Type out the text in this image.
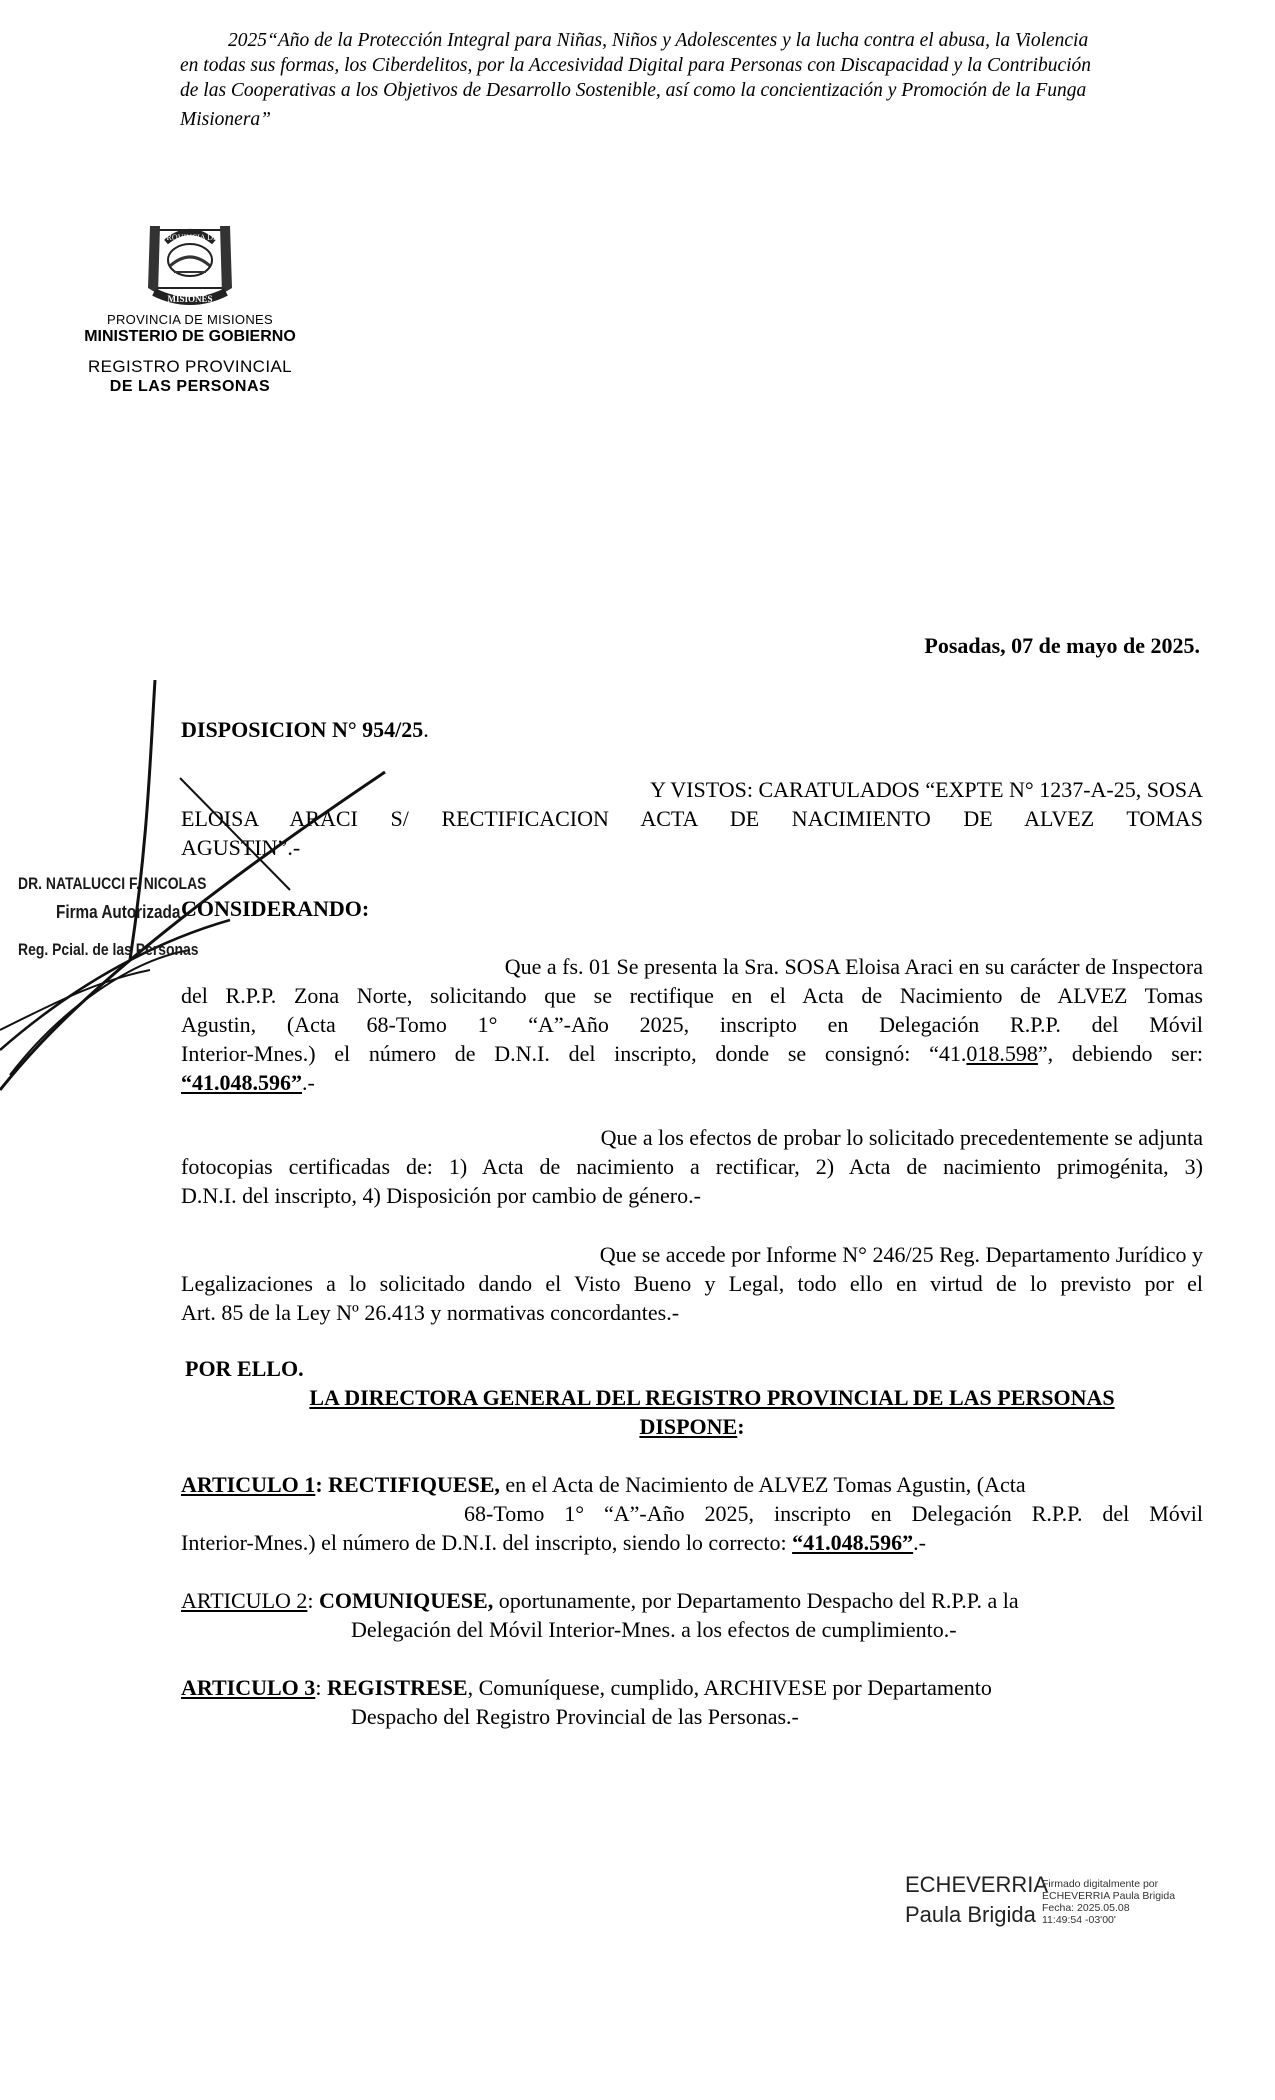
2025“Año de la Protección Integral para Niñas, Niños y Adolescentes y la lucha contra el abusa, la Violencia
en todas sus formas, los Ciberdelitos, por la Accesividad Digital para Personas con Discapacidad y la Contribución
de las Cooperativas a los Objetivos de Desarrollo Sostenible, así como la concientización y Promoción de la Funga
Misionera”
PROVINCIA DE
MISIONES
PROVINCIA DE MISIONES
MINISTERIO DE GOBIERNO
REGISTRO PROVINCIAL
DE LAS PERSONAS
Posadas, 07 de mayo de 2025.
DISPOSICION N° 954/25.
Y VISTOS: CARATULADOS “EXPTE N° 1237-A-25, SOSA
ELOISA ARACI S/ RECTIFICACION ACTA DE NACIMIENTO DE ALVEZ TOMAS
AGUSTIN”.-
CONSIDERANDO:
Que a fs. 01 Se presenta la Sra. SOSA Eloisa Araci en su carácter de Inspectora
del R.P.P. Zona Norte, solicitando que se rectifique en el Acta de Nacimiento de ALVEZ Tomas
Agustin, (Acta 68-Tomo 1° “A”-Año 2025, inscripto en Delegación R.P.P. del Móvil
Interior-Mnes.) el número de D.N.I. del inscripto, donde se consignó: “41.018.598”, debiendo ser:
“41.048.596”.-
Que a los efectos de probar lo solicitado precedentemente se adjunta
fotocopias certificadas de: 1) Acta de nacimiento a rectificar, 2) Acta de nacimiento primogénita, 3)
D.N.I. del inscripto, 4) Disposición por cambio de género.-
Que se accede por Informe N° 246/25 Reg. Departamento Jurídico y
Legalizaciones a lo solicitado dando el Visto Bueno y Legal, todo ello en virtud de lo previsto por el
Art. 85 de la Ley Nº 26.413 y normativas concordantes.-
POR ELLO.
LA DIRECTORA GENERAL DEL REGISTRO PROVINCIAL DE LAS PERSONAS
DISPONE:
ARTICULO 1: RECTIFIQUESE, en el Acta de Nacimiento de ALVEZ Tomas Agustin, (Acta
68-Tomo 1° “A”-Año 2025, inscripto en Delegación R.P.P. del Móvil
Interior-Mnes.) el número de D.N.I. del inscripto, siendo lo correcto: “41.048.596”.-
ARTICULO 2: COMUNIQUESE, oportunamente, por Departamento Despacho del R.P.P. a la
Delegación del Móvil Interior-Mnes. a los efectos de cumplimiento.-
ARTICULO 3: REGISTRESE, Comuníquese, cumplido, ARCHIVESE por Departamento
Despacho del Registro Provincial de las Personas.-
DR. NATALUCCI F. NICOLAS
Firma Autorizada
Reg. Pcial. de las Personas
ECHEVERRIA
Paula Brigida
Firmado digitalmente por
ECHEVERRIA Paula Brigida
Fecha: 2025.05.08
11:49:54 -03'00'
